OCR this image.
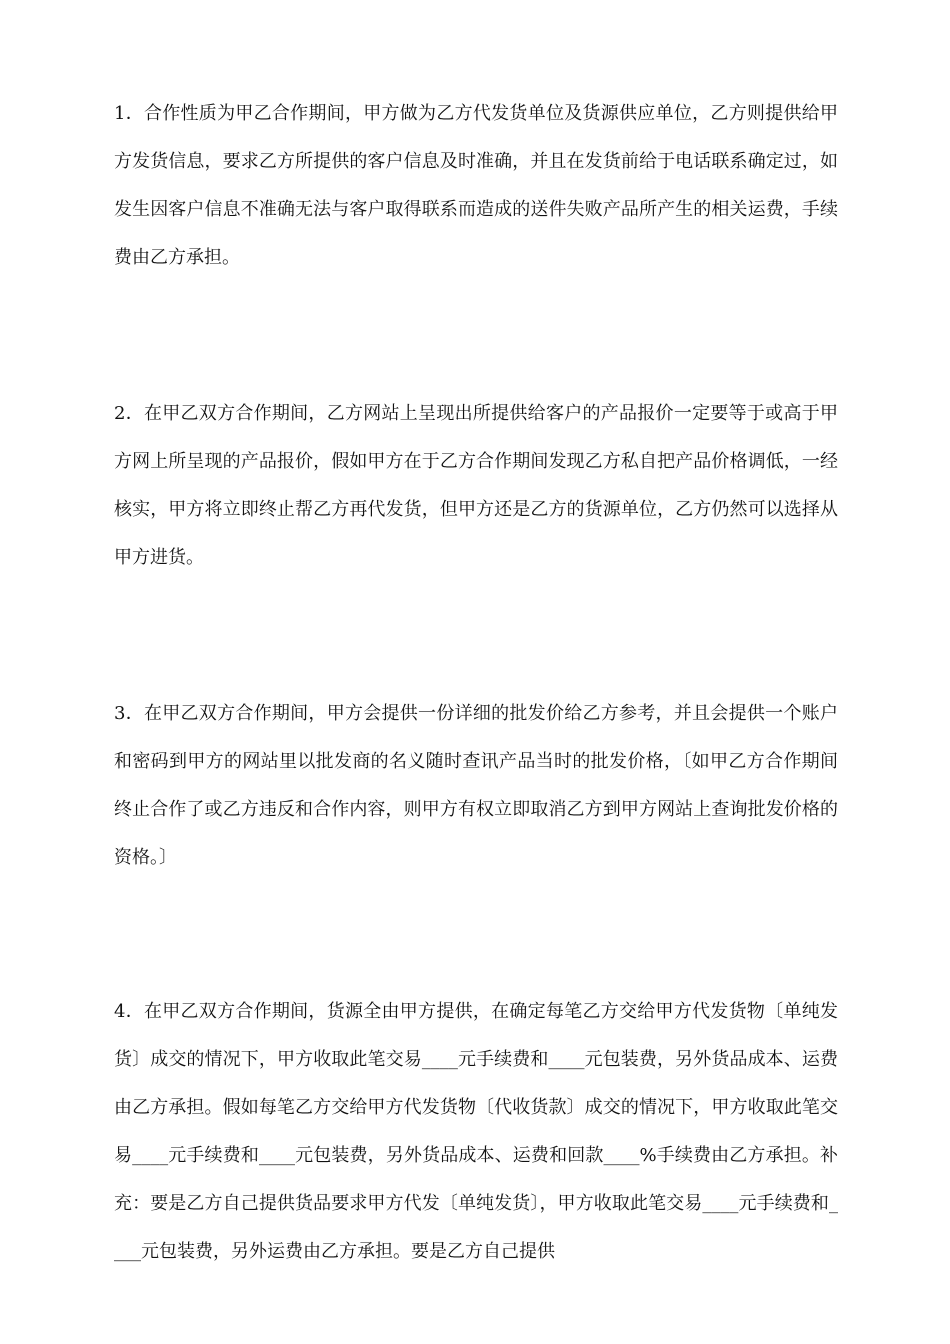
1．合作性质为甲乙合作期间，甲方做为乙方代发货单位及货源供应单位，乙方则提供给甲方发货信息，要求乙方所提供的客户信息及时准确，并且在发货前给于电话联系确定过，如发生因客户信息不准确无法与客户取得联系而造成的送件失败产品所产生的相关运费，手续费由乙方承担。

2．在甲乙双方合作期间，乙方网站上呈现出所提供给客户的产品报价一定要等于或高于甲方网上所呈现的产品报价，假如甲方在于乙方合作期间发现乙方私自把产品价格调低，一经核实，甲方将立即终止帮乙方再代发货，但甲方还是乙方的货源单位，乙方仍然可以选择从甲方进货。

3．在甲乙双方合作期间，甲方会提供一份详细的批发价给乙方参考，并且会提供一个账户和密码到甲方的网站里以批发商的名义随时查讯产品当时的批发价格，〔如甲乙方合作期间终止合作了或乙方违反和合作内容，则甲方有权立即取消乙方到甲方网站上查询批发价格的资格。〕

4．在甲乙双方合作期间，货源全由甲方提供，在确定每笔乙方交给甲方代发货物〔单纯发货〕成交的情况下，甲方收取此笔交易____元手续费和____元包装费，另外货品成本、运费由乙方承担。假如每笔乙方交给甲方代发货物〔代收货款〕成交的情况下，甲方收取此笔交易____元手续费和____元包装费，另外货品成本、运费和回款____%手续费由乙方承担。补充：要是乙方自己提供货品要求甲方代发〔单纯发货〕，甲方收取此笔交易____元手续费和____元包装费，另外运费由乙方承担。要是乙方自己提供
